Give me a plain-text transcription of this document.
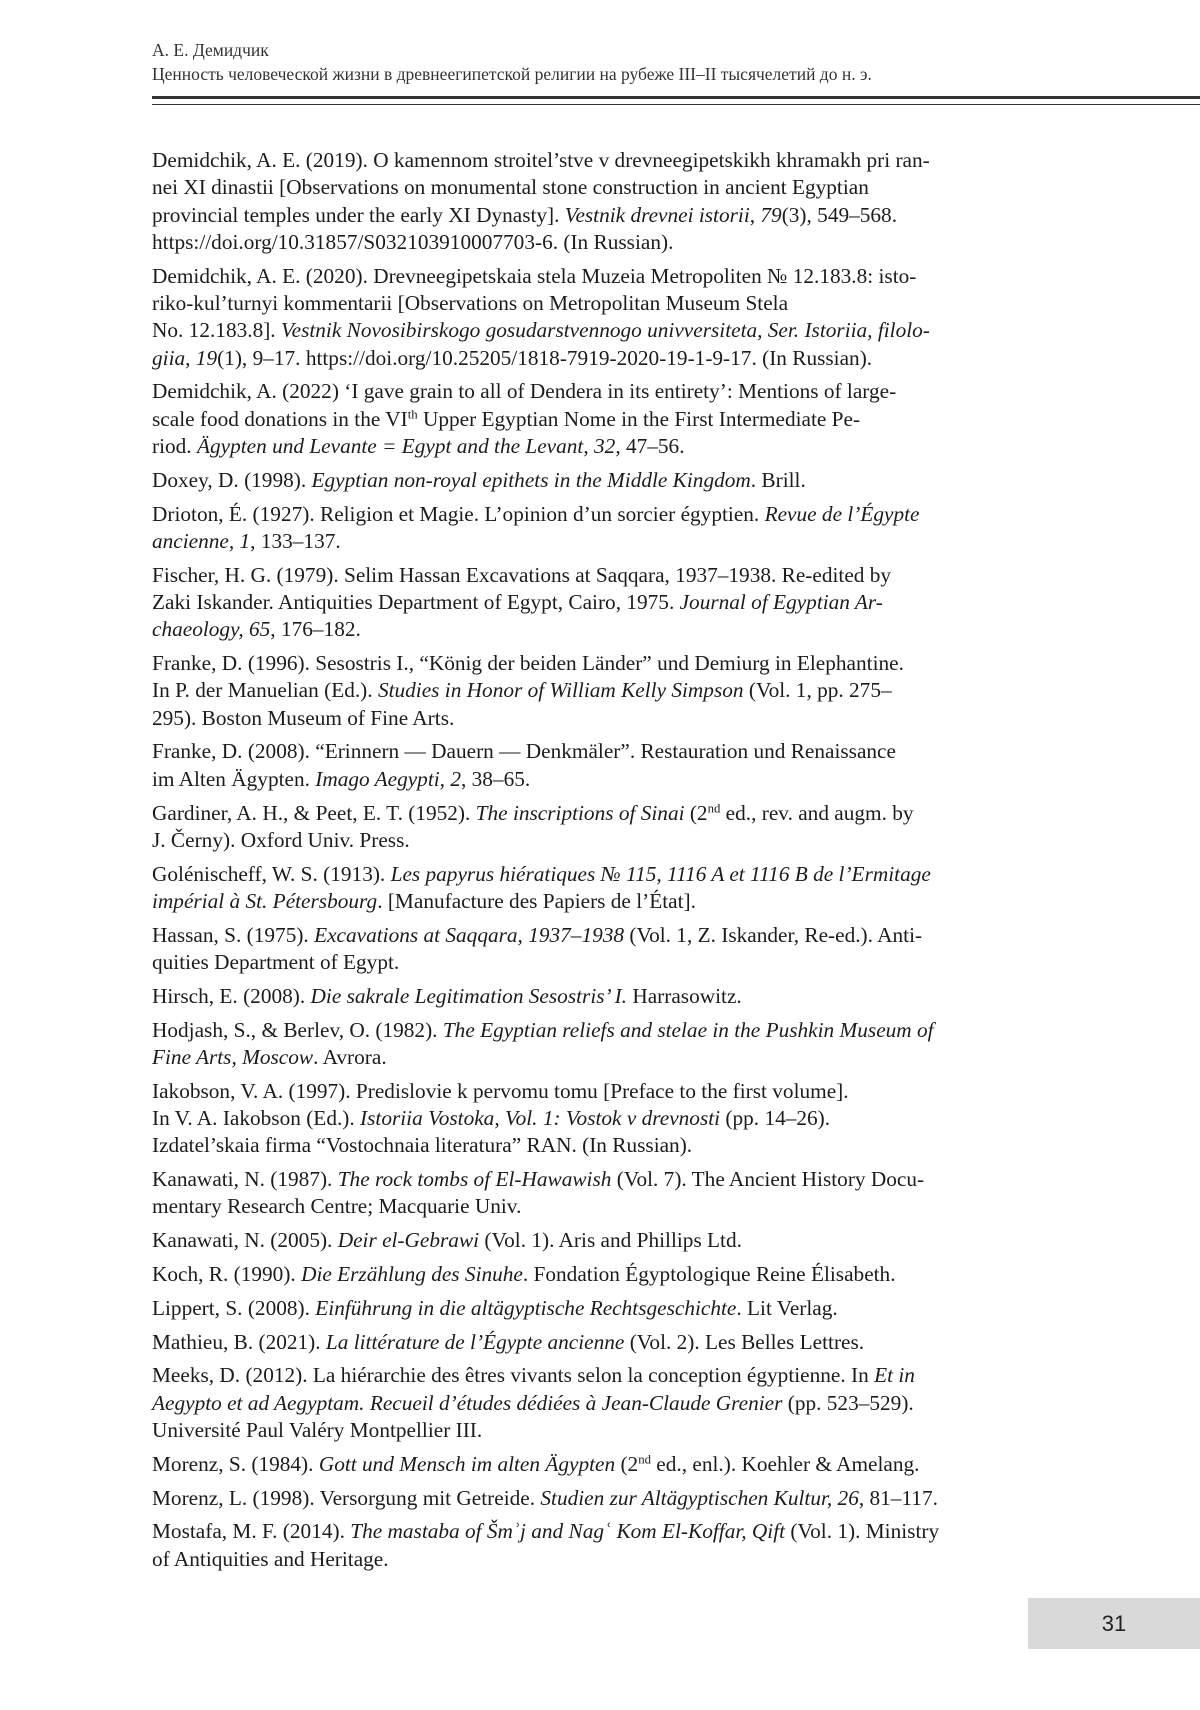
А. Е. Демидчик
Ценность человеческой жизни в древнеегипетской религии на рубеже III–II тысячелетий до н. э.
Demidchik, A. E. (2019). O kamennom stroitel’stve v drevneegipetskikh khramakh pri ran-
nei XI dinastii [Observations on monumental stone construction in ancient Egyptian
provincial temples under the early XI Dynasty]. Vestnik drevnei istorii, 79(3), 549–568.
https://doi.org/10.31857/S032103910007703-6. (In Russian).
Demidchik, A. E. (2020). Drevneegipetskaia stela Muzeia Metropoliten № 12.183.8: isto-
riko-kul’turnyi kommentarii [Observations on Metropolitan Museum Stela
No. 12.183.8]. Vestnik Novosibirskogo gosudarstvennogo univversiteta, Ser. Istoriia, filolo-
giia, 19(1), 9–17. https://doi.org/10.25205/1818-7919-2020-19-1-9-17. (In Russian).
Demidchik, A. (2022) ‘I gave grain to all of Dendera in its entirety’: Mentions of large-
scale food donations in the VIth Upper Egyptian Nome in the First Intermediate Pe-
riod. Ägypten und Levante = Egypt and the Levant, 32, 47–56.
Doxey, D. (1998). Egyptian non-royal epithets in the Middle Kingdom. Brill.
Drioton, É. (1927). Religion et Magie. L’opinion d’un sorcier égyptien. Revue de l’Égypte
ancienne, 1, 133–137.
Fischer, H. G. (1979). Selim Hassan Excavations at Saqqara, 1937–1938. Re-edited by
Zaki Iskander. Antiquities Department of Egypt, Cairo, 1975. Journal of Egyptian Ar-
chaeology, 65, 176–182.
Franke, D. (1996). Sesostris I., “König der beiden Länder” und Demiurg in Elephantine.
In P. der Manuelian (Ed.). Studies in Honor of William Kelly Simpson (Vol. 1, pp. 275–
295). Boston Museum of Fine Arts.
Franke, D. (2008). “Erinnern — Dauern — Denkmäler”. Restauration und Renaissance
im Alten Ägypten. Imago Aegypti, 2, 38–65.
Gardiner, A. H., & Peet, E. T. (1952). The inscriptions of Sinai (2nd ed., rev. and augm. by
J. Černy). Oxford Univ. Press.
Golénischeff, W. S. (1913). Les papyrus hiératiques № 115, 1116 A et 1116 B de l’Ermitage
impérial à St. Pétersbourg. [Manufacture des Papiers de l’État].
Hassan, S. (1975). Excavations at Saqqara, 1937–1938 (Vol. 1, Z. Iskander, Re-ed.). Anti-
quities Department of Egypt.
Hirsch, E. (2008). Die sakrale Legitimation Sesostris’ I. Harrasowitz.
Hodjash, S., & Berlev, O. (1982). The Egyptian reliefs and stelae in the Pushkin Museum of
Fine Arts, Moscow. Avrora.
Iakobson, V. A. (1997). Predislovie k pervomu tomu [Preface to the first volume].
In V. A. Iakobson (Ed.). Istoriia Vostoka, Vol. 1: Vostok v drevnosti (pp. 14–26).
Izdatel’skaia firma “Vostochnaia literatura” RAN. (In Russian).
Kanawati, N. (1987). The rock tombs of El-Hawawish (Vol. 7). The Ancient History Docu-
mentary Research Centre; Macquarie Univ.
Kanawati, N. (2005). Deir el-Gebrawi (Vol. 1). Aris and Phillips Ltd.
Koch, R. (1990). Die Erzählung des Sinuhe. Fondation Égyptologique Reine Élisabeth.
Lippert, S. (2008). Einführung in die altägyptische Rechtsgeschichte. Lit Verlag.
Mathieu, B. (2021). La littérature de l’Égypte ancienne (Vol. 2). Les Belles Lettres.
Meeks, D. (2012). La hiérarchie des êtres vivants selon la conception égyptienne. In Et in
Aegypto et ad Aegyptam. Recueil d’études dédiées à Jean-Claude Grenier (pp. 523–529).
Université Paul Valéry Montpellier III.
Morenz, S. (1984). Gott und Mensch im alten Ägypten (2nd ed., enl.). Koehler & Amelang.
Morenz, L. (1998). Versorgung mit Getreide. Studien zur Altägyptischen Kultur, 26, 81–117.
Mostafa, M. F. (2014). The mastaba of Šmʾj and Nagʿ Kom El-Koffar, Qift (Vol. 1). Ministry
of Antiquities and Heritage.
31
